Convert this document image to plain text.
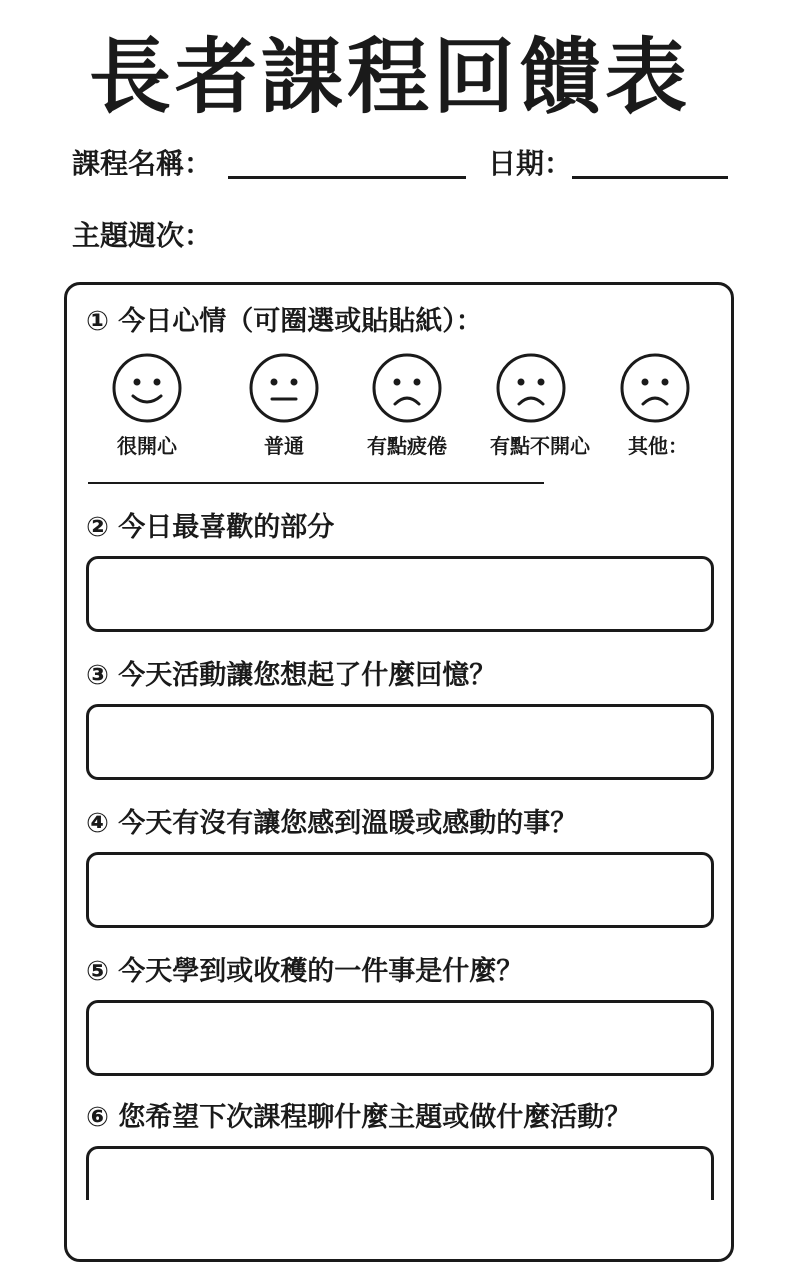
長者課程回饋表
課程名稱：	日期：
主題週次：
① 今日心情（可圈選或貼貼紙）：
很開心	普通	有點疲倦	有點不開心	其他：
② 今日最喜歡的部分
③ 今天活動讓您想起了什麼回憶？
④ 今天有沒有讓您感到溫暖或感動的事？
⑤ 今天學到或收穫的一件事是什麼？
⑥ 您希望下次課程聊什麼主題或做什麼活動？
